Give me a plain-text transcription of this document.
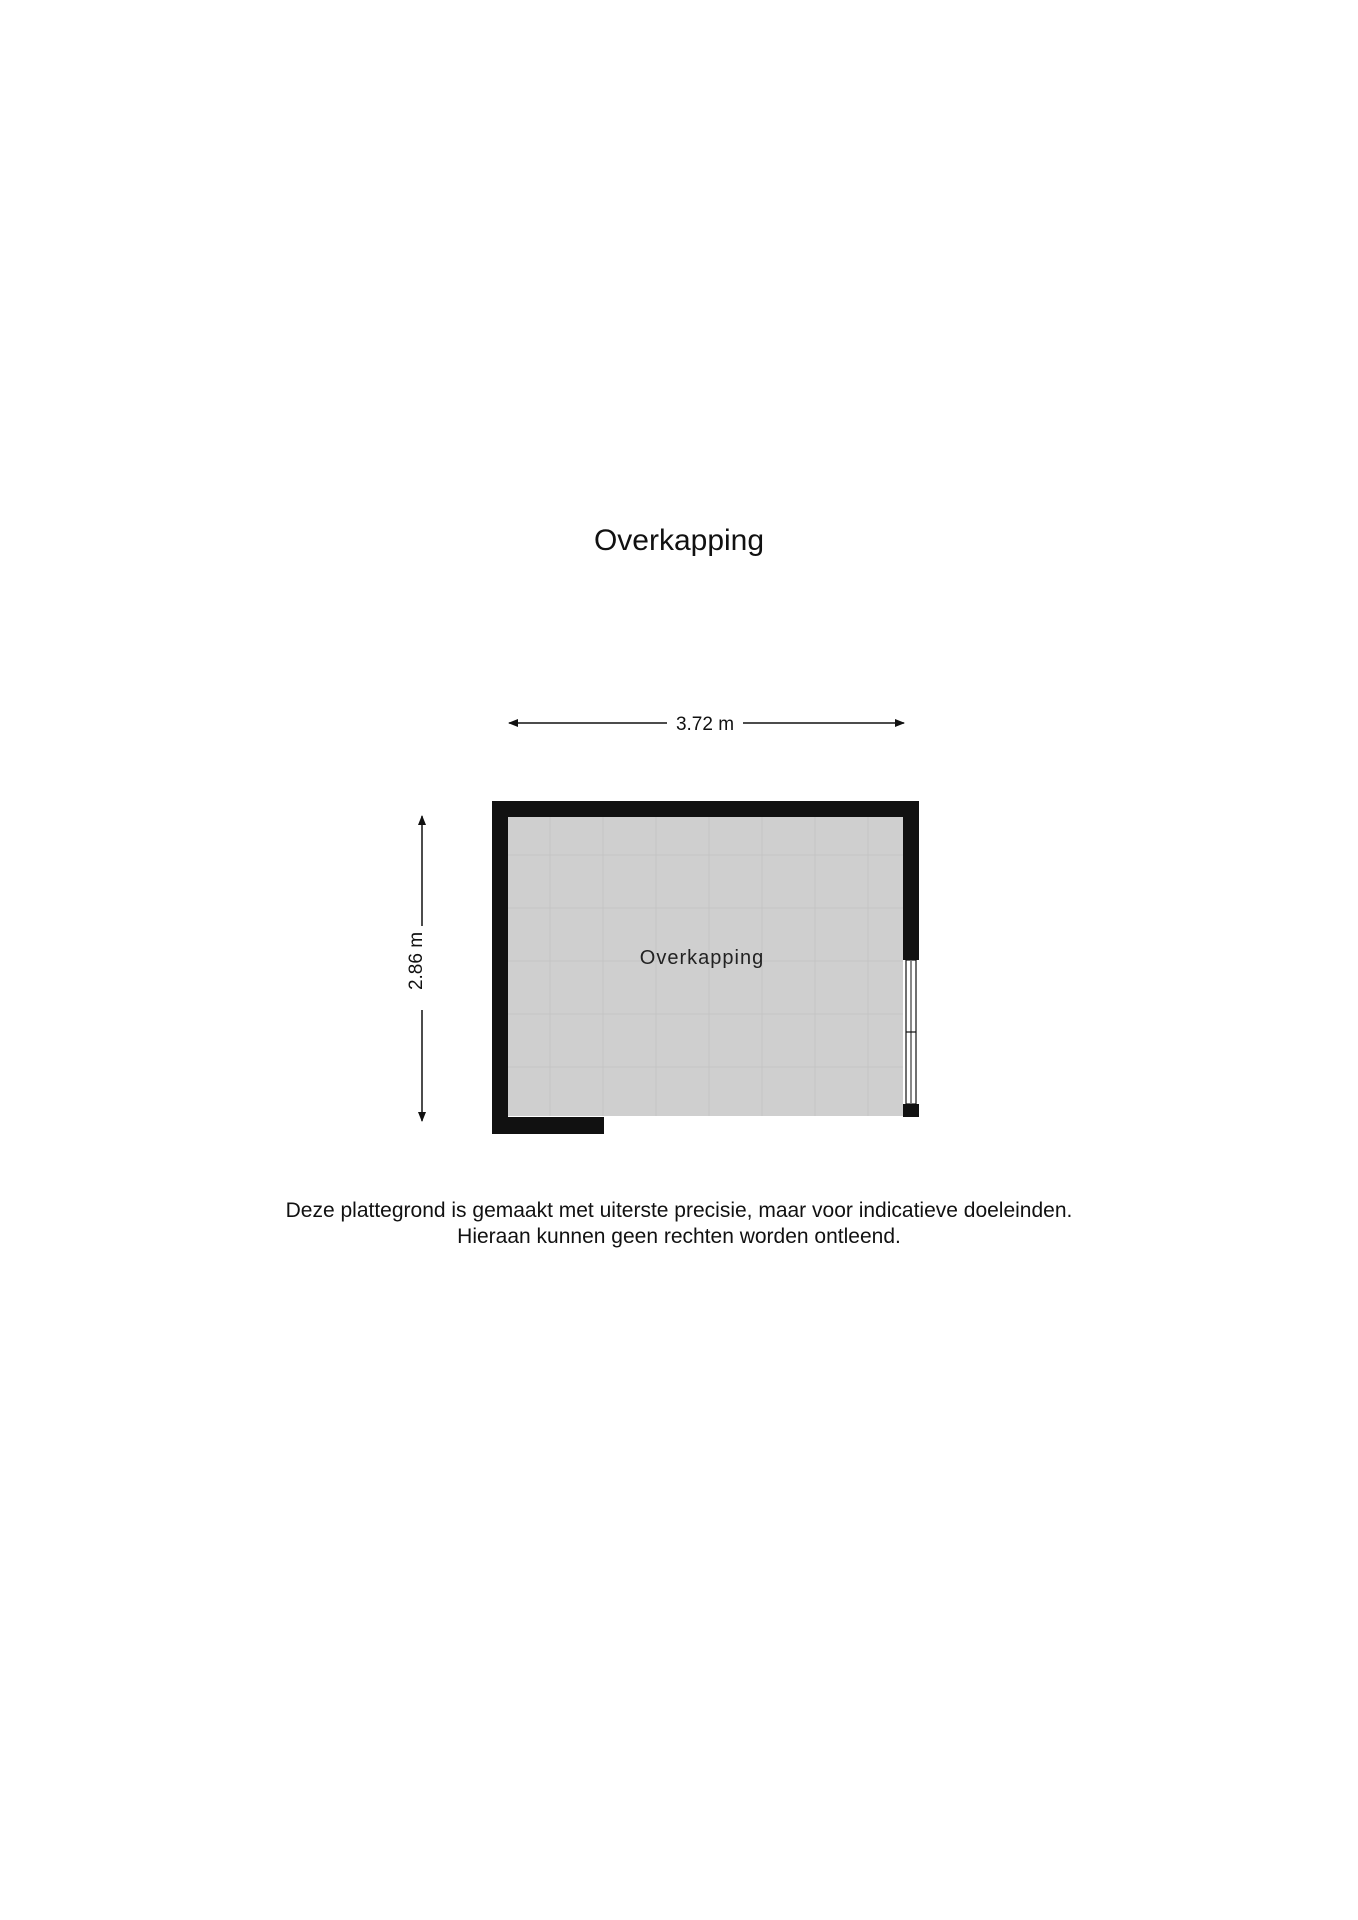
Overkapping
3.72 m
2.86 m	Overkapping
Deze plattegrond is gemaakt met uiterste precisie, maar voor indicatieve doeleinden.
Hieraan kunnen geen rechten worden ontleend.
